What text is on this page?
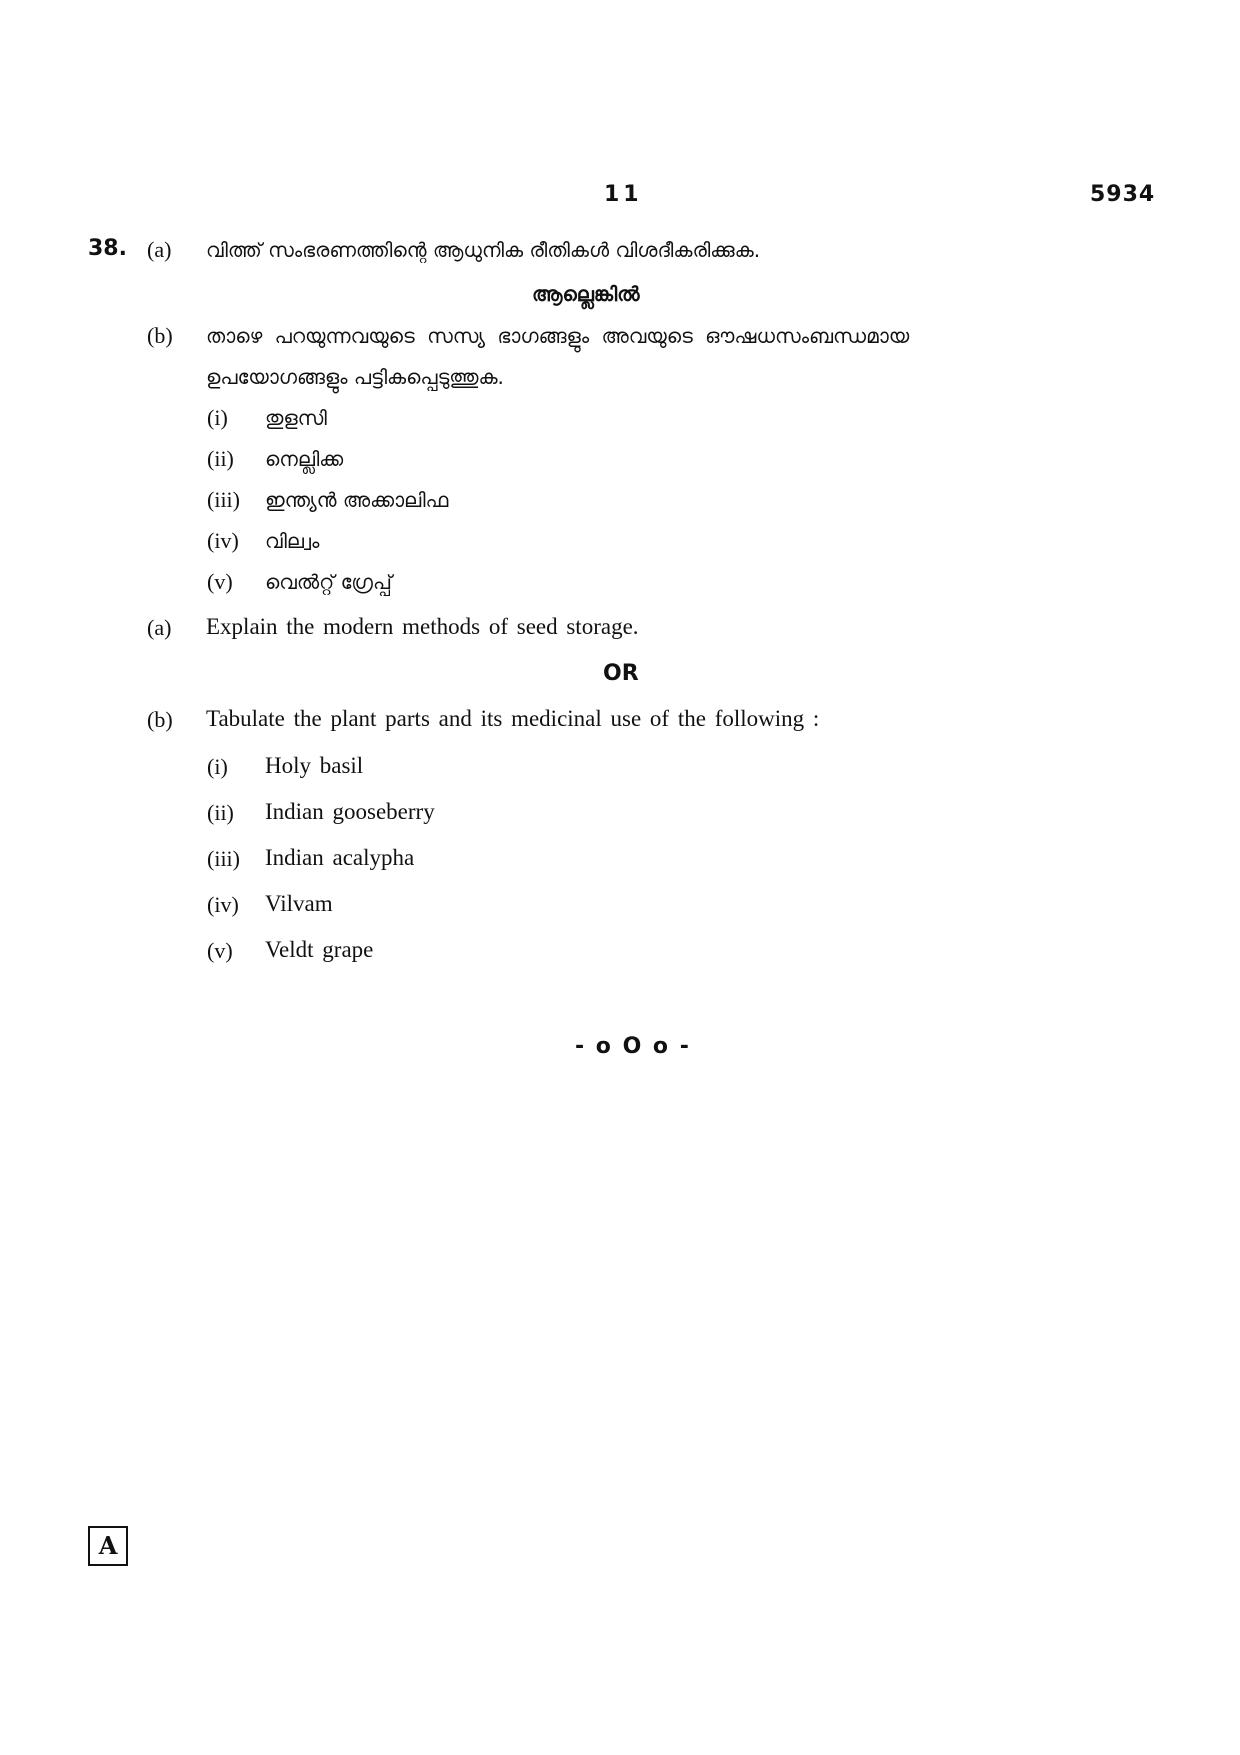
11	5934
38. (a) വിത്ത് സംഭരണത്തിന്റെ ആധുനിക രീതികൾ വിശദീകരിക്കുക.
ആല്ലെങ്കിൽ
(b) താഴെ പറയുന്നവയുടെ സസ്യ ഭാഗങ്ങളും അവയുടെ ഔഷധസംബന്ധമായ
ഉപയോഗങ്ങളും പട്ടികപ്പെടുത്തുക.
(i) തുളസി
(ii) നെല്ലിക്ക
(iii) ഇന്ത്യൻ അക്കാലിഫ
(iv) വില്വം
(v) വെൽറ്റ് ഗ്രേപ്പ്
(a) Explain the modern methods of seed storage.
OR
(b) Tabulate the plant parts and its medicinal use of the following :
(i) Holy basil
(ii) Indian gooseberry
(iii) Indian acalypha
(iv) Vilvam
(v) Veldt grape
- o O o -
A
